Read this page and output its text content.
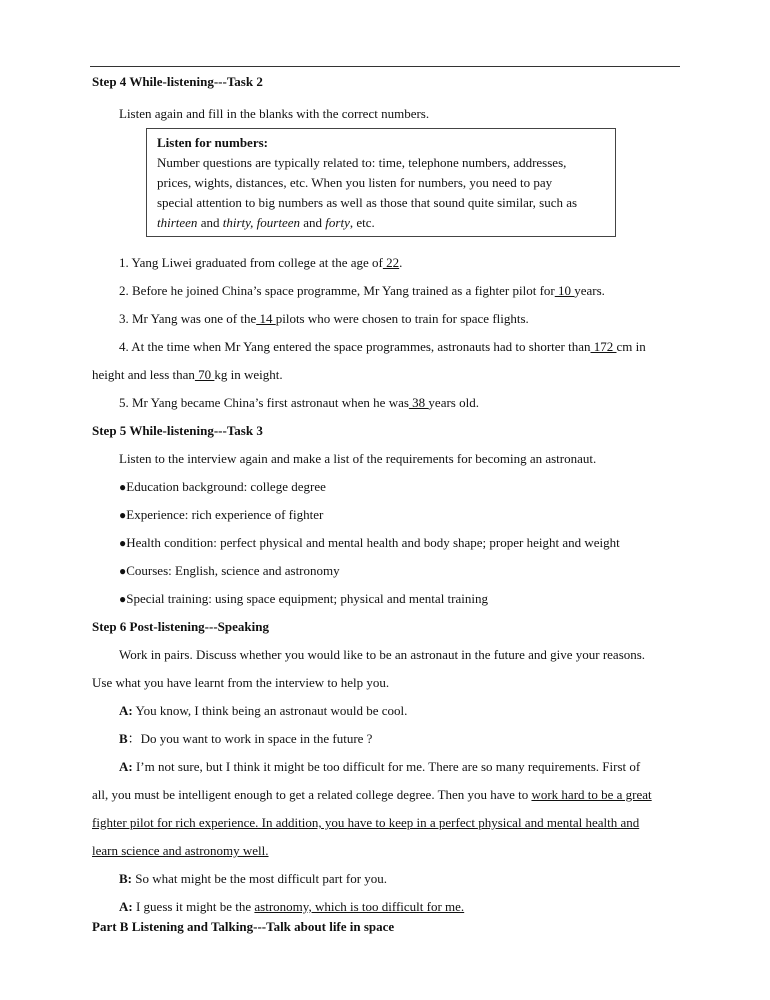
Step 4 While-listening---Task 2
Listen again and fill in the blanks with the correct numbers.
Listen for numbers:
Number questions are typically related to: time, telephone numbers, addresses,
prices, wights, distances, etc. When you listen for numbers, you need to pay
special attention to big numbers as well as those that sound quite similar, such as
thirteen and thirty, fourteen and forty, etc.
1. Yang Liwei graduated from college at the age of 22.
2. Before he joined China’s space programme, Mr Yang trained as a fighter pilot for 10 years.
3. Mr Yang was one of the 14 pilots who were chosen to train for space flights.
4. At the time when Mr Yang entered the space programmes, astronauts had to shorter than 172 cm in
height and less than 70 kg in weight.
5. Mr Yang became China’s first astronaut when he was 38 years old.
Step 5 While-listening---Task 3
Listen to the interview again and make a list of the requirements for becoming an astronaut.
●Education background: college degree
●Experience: rich experience of fighter
●Health condition: perfect physical and mental health and body shape; proper height and weight
●Courses: English, science and astronomy
●Special training: using space equipment; physical and mental training
Step 6 Post-listening---Speaking
Work in pairs. Discuss whether you would like to be an astronaut in the future and give your reasons.
Use what you have learnt from the interview to help you.
A: You know, I think being an astronaut would be cool.
B：Do you want to work in space in the future ?
A: I’m not sure, but I think it might be too difficult for me. There are so many requirements. First of
all, you must be intelligent enough to get a related college degree. Then you have to work hard to be a great
fighter pilot for rich experience. In addition, you have to keep in a perfect physical and mental health and
learn science and astronomy well.
B: So what might be the most difficult part for you.
A: I guess it might be the astronomy, which is too difficult for me.
Part B Listening and Talking---Talk about life in space
